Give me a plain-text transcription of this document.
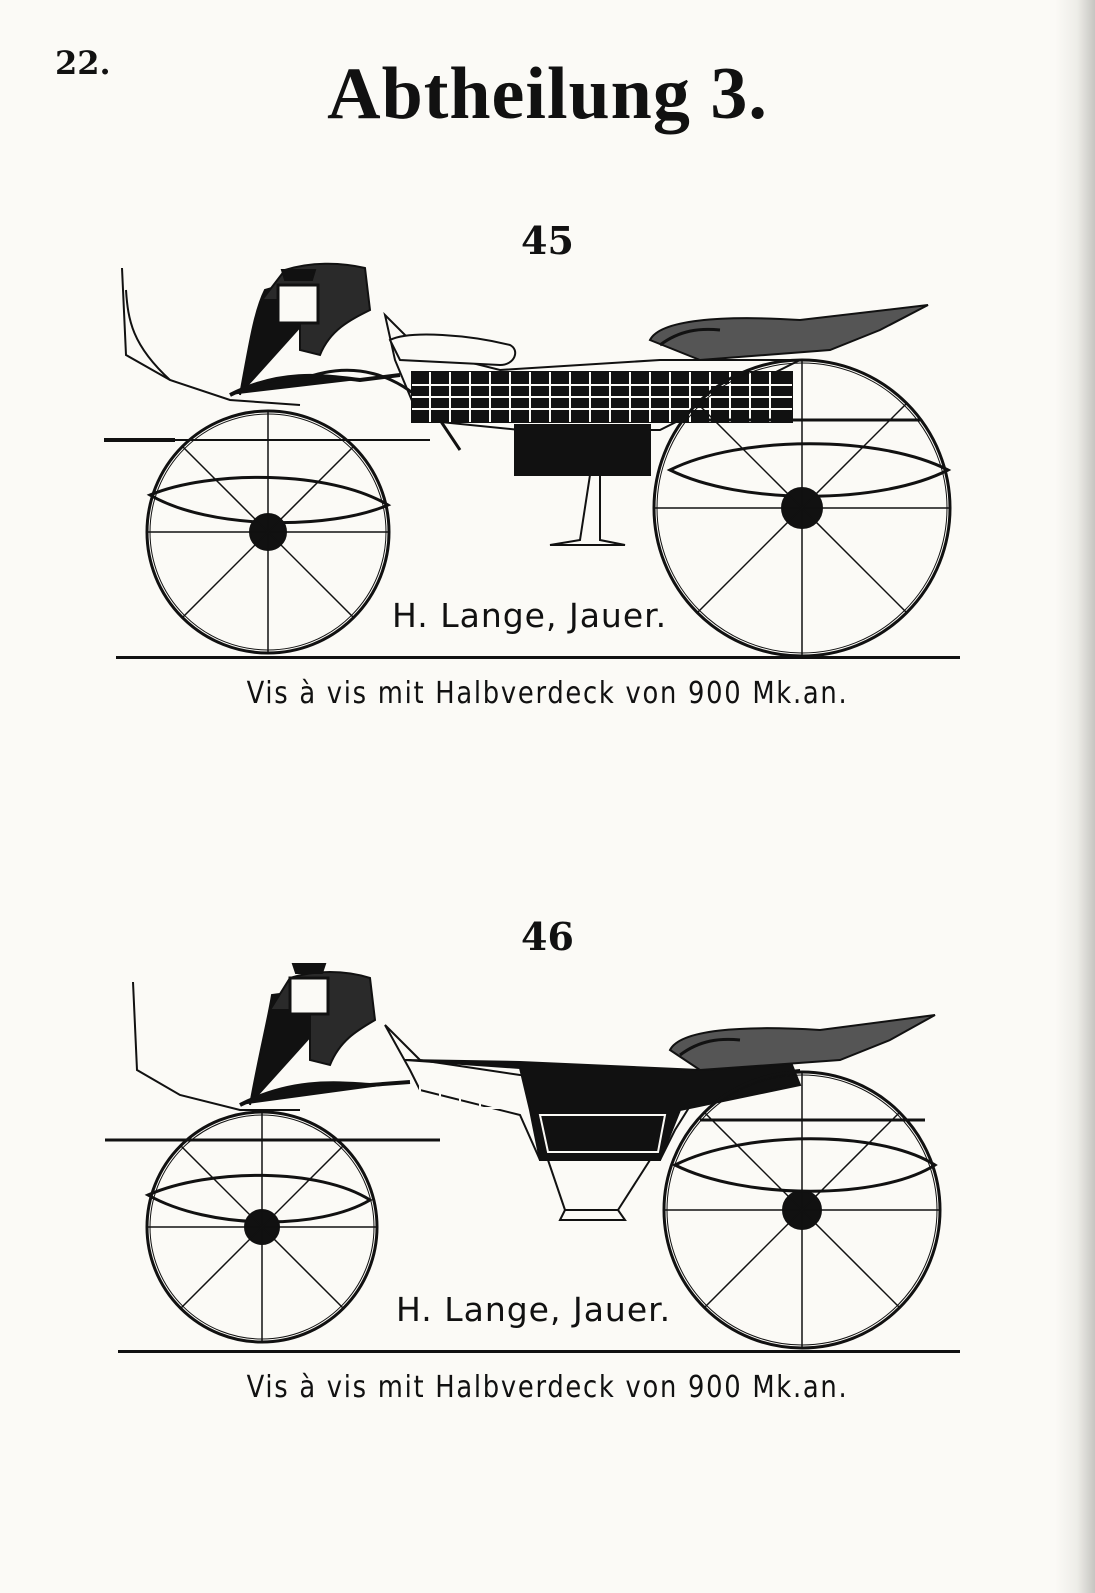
22.	Abtheilung 3.
45
H. Lange, Jauer.
Vis à vis mit Halbverdeck von 900 Mk.an.
46
H. Lange, Jauer.
Vis à vis mit Halbverdeck von 900 Mk.an.
